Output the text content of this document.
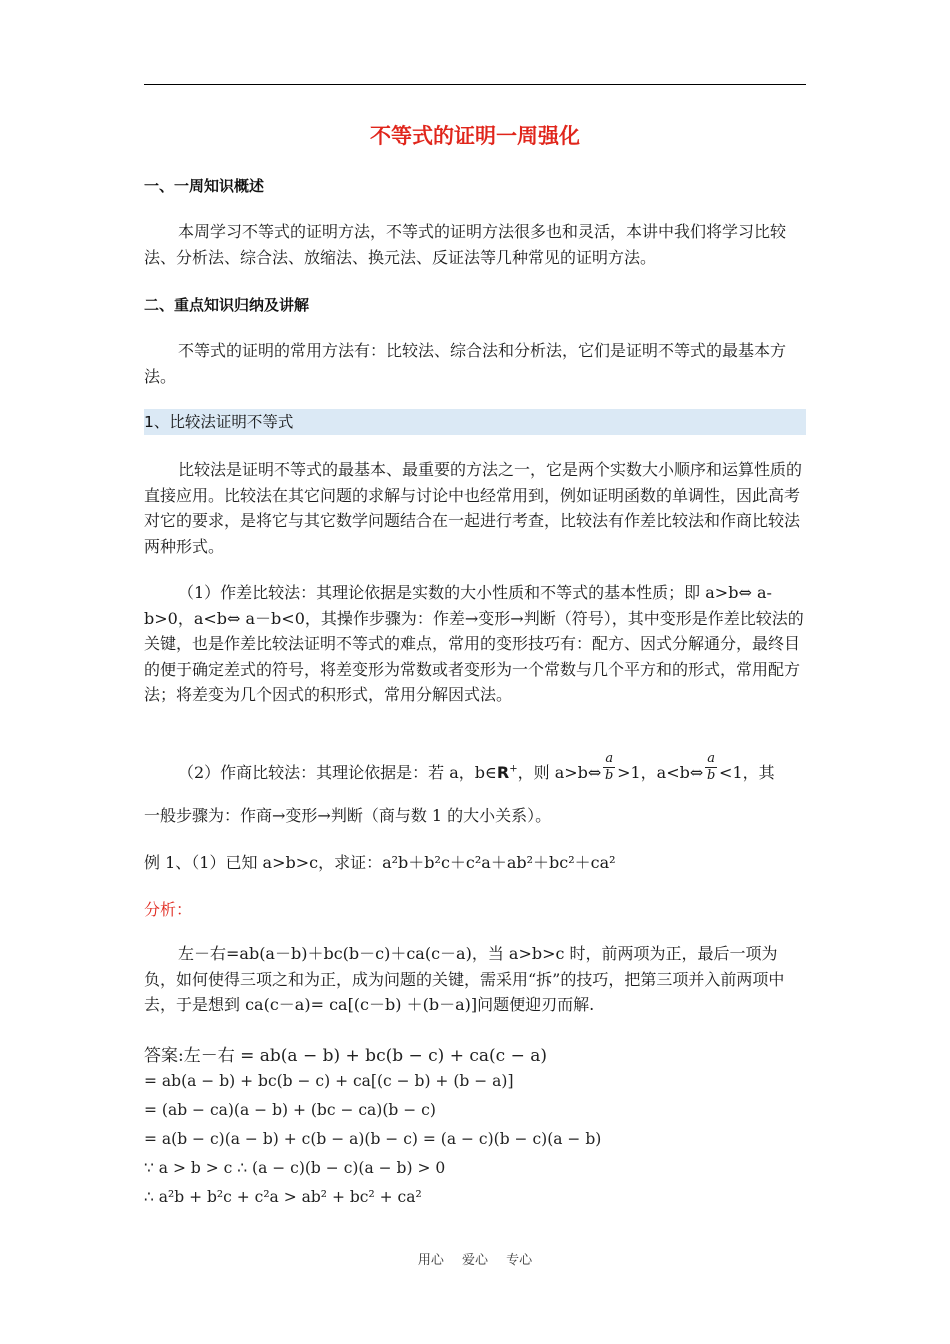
不等式的证明一周强化
一、一周知识概述
本周学习不等式的证明方法，不等式的证明方法很多也和灵活，本讲中我们将学习比较法、分析法、综合法、放缩法、换元法、反证法等几种常见的证明方法。
二、重点知识归纳及讲解
不等式的证明的常用方法有：比较法、综合法和分析法，它们是证明不等式的最基本方法。
1、比较法证明不等式
比较法是证明不等式的最基本、最重要的方法之一，它是两个实数大小顺序和运算性质的直接应用。比较法在其它问题的求解与讨论中也经常用到，例如证明函数的单调性，因此高考对它的要求，是将它与其它数学问题结合在一起进行考查，比较法有作差比较法和作商比较法两种形式。
（1）作差比较法：其理论依据是实数的大小性质和不等式的基本性质；即 a>b⇔ a-b>0，a<b⇔ a－b<0，其操作步骤为：作差→变形→判断（符号），其中变形是作差比较法的关键，也是作差比较法证明不等式的难点，常用的变形技巧有：配方、因式分解通分，最终目的便于确定差式的符号，将差变形为常数或者变形为一个常数与几个平方和的形式，常用配方法；将差变为几个因式的积形式，常用分解因式法。
（2）作商比较法：其理论依据是：若 a，b∈R+，则 a>b⇔ $\frac{a}{b} >1$，a<b⇔ $\frac{a}{b} <1$，其
一般步骤为：作商→变形→判断（商与数 1 的大小关系）。
例 1、（1）已知 a>b>c，求证：a²b＋b²c＋c²a＋ab²＋bc²＋ca²
分析：
左－右=ab(a－b)＋bc(b－c)＋ca(c－a)，当 a>b>c 时，前两项为正，最后一项为负，如何使得三项之和为正，成为问题的关键，需采用“拆”的技巧，把第三项并入前两项中去，于是想到 ca(c－a)= ca[(c－b) ＋(b－a)]问题便迎刃而解.
答案:左－右 = ab(a − b) + bc(b − c) + ca(c − a)
= ab(a − b) + bc(b − c) + ca[(c − b) + (b − a)]
= (ab − ca)(a − b) + (bc − ca)(b − c)
= a(b − c)(a − b) + c(b − a)(b − c) = (a − c)(b − c)(a − b)
∵ a > b > c ∴ (a − c)(b − c)(a − b) > 0
∴ a²b + b²c + c²a > ab² + bc² + ca²
用心 爱心 专心
